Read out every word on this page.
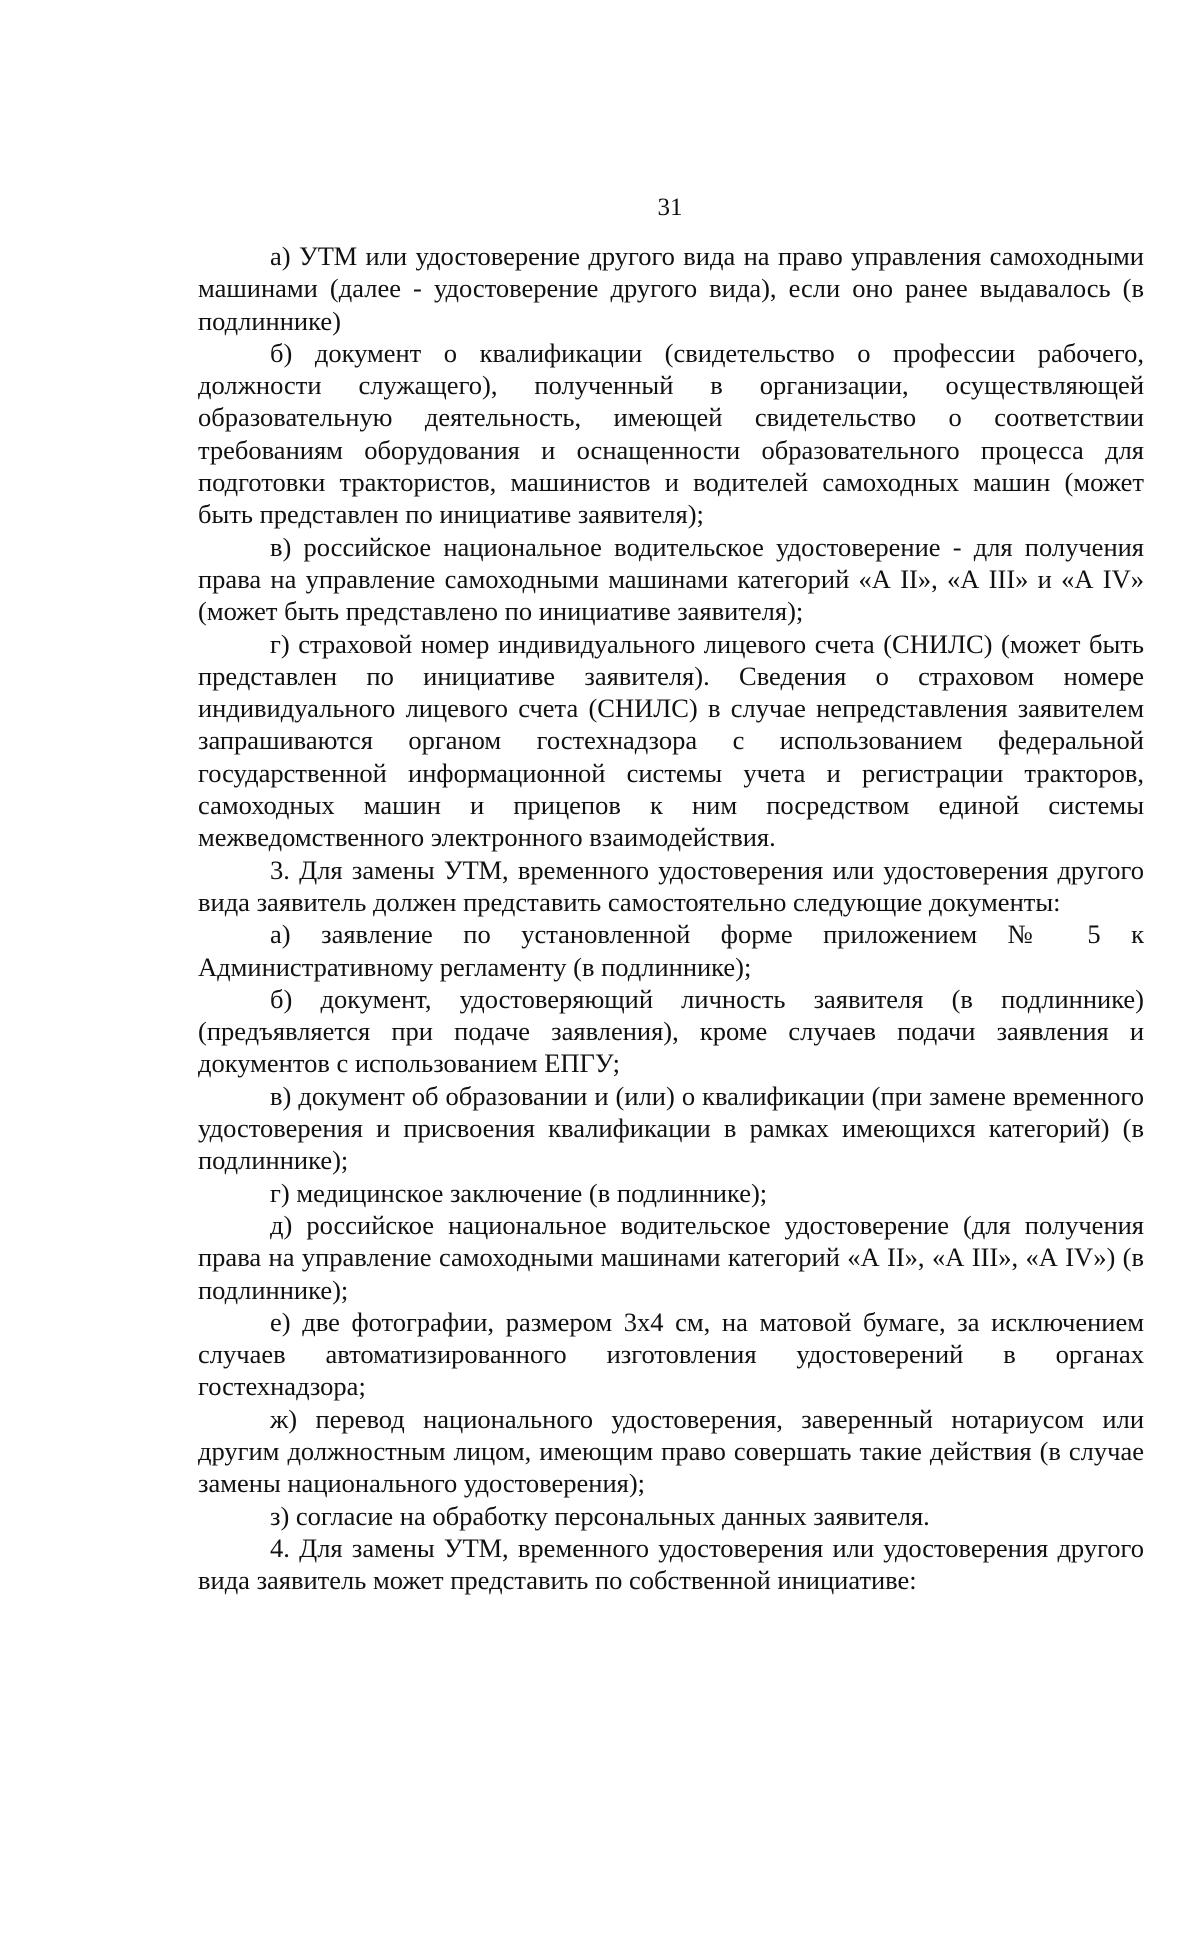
31

а) УТМ или удостоверение другого вида на право управления самоходными машинами (далее - удостоверение другого вида), если оно ранее выдавалось (в подлиннике)

б) документ о квалификации (свидетельство о профессии рабочего, должности служащего), полученный в организации, осуществляющей образовательную деятельность, имеющей свидетельство о соответствии требованиям оборудования и оснащенности образовательного процесса для подготовки трактористов, машинистов и водителей самоходных машин (может быть представлен по инициативе заявителя);

в) российское национальное водительское удостоверение - для получения права на управление самоходными машинами категорий «А II», «А III» и «А IV» (может быть представлено по инициативе заявителя);

г) страховой номер индивидуального лицевого счета (СНИЛС) (может быть представлен по инициативе заявителя). Сведения о страховом номере индивидуального лицевого счета (СНИЛС) в случае непредставления заявителем запрашиваются органом гостехнадзора с использованием федеральной государственной информационной системы учета и регистрации тракторов, самоходных машин и прицепов к ним посредством единой системы межведомственного электронного взаимодействия.

3. Для замены УТМ, временного удостоверения или удостоверения другого вида заявитель должен представить самостоятельно следующие документы:

а) заявление по установленной форме приложением № 5 к Административному регламенту (в подлиннике);

б) документ, удостоверяющий личность заявителя (в подлиннике) (предъявляется при подаче заявления), кроме случаев подачи заявления и документов с использованием ЕПГУ;

в) документ об образовании и (или) о квалификации (при замене временного удостоверения и присвоения квалификации в рамках имеющихся категорий) (в подлиннике);

г) медицинское заключение (в подлиннике);

д) российское национальное водительское удостоверение (для получения права на управление самоходными машинами категорий «А II», «А III», «А IV») (в подлиннике);

е) две фотографии, размером 3х4 см, на матовой бумаге, за исключением случаев автоматизированного изготовления удостоверений в органах гостехнадзора;

ж) перевод национального удостоверения, заверенный нотариусом или другим должностным лицом, имеющим право совершать такие действия (в случае замены национального удостоверения);

з) согласие на обработку персональных данных заявителя.

4. Для замены УТМ, временного удостоверения или удостоверения другого вида заявитель может представить по собственной инициативе:
